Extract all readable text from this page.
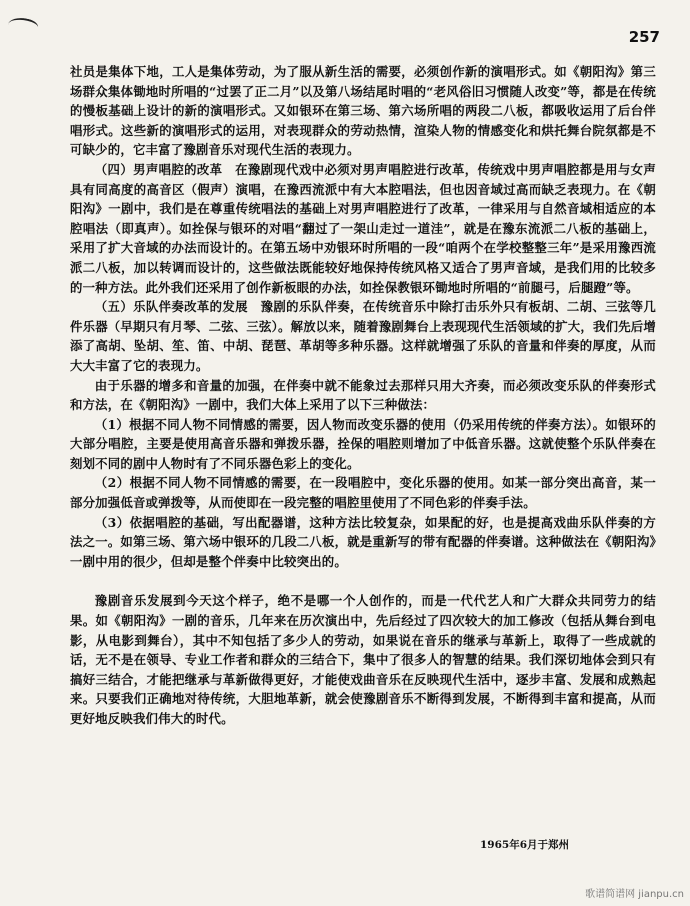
257

社员是集体下地，工人是集体劳动，为了服从新生活的需要，必须创作新的演唱形式。如《朝阳沟》第三场群众集体锄地时所唱的“过罢了正二月”以及第八场结尾时唱的“老风俗旧习惯随人改变”等，都是在传统的慢板基础上设计的新的演唱形式。又如银环在第三场、第六场所唱的两段二八板，都吸收运用了后台伴唱形式。这些新的演唱形式的运用，对表现群众的劳动热情，渲染人物的情感变化和烘托舞台院氛都是不可缺少的，它丰富了豫剧音乐对现代生活的表现力。

（四）男声唱腔的改革　在豫剧现代戏中必须对男声唱腔进行改革，传统戏中男声唱腔都是用与女声具有同高度的高音区（假声）演唱，在豫西流派中有大本腔唱法，但也因音域过高而缺乏表现力。在《朝阳沟》一剧中，我们是在尊重传统唱法的基础上对男声唱腔进行了改革，一律采用与自然音域相适应的本腔唱法（即真声）。如拴保与银环的对唱“翻过了一架山走过一道洼”，就是在豫东流派二八板的基础上，采用了扩大音域的办法而设计的。在第五场中劝银环时所唱的一段“咱两个在学校整整三年”是采用豫西流派二八板，加以转调而设计的，这些做法既能较好地保持传统风格又适合了男声音域，是我们用的比较多的一种方法。此外我们还采用了创作新板眼的办法，如拴保教银环锄地时所唱的“前腿弓，后腿蹬”等。

（五）乐队伴奏改革的发展　豫剧的乐队伴奏，在传统音乐中除打击乐外只有板胡、二胡、三弦等几件乐器（早期只有月琴、二弦、三弦）。解放以来，随着豫剧舞台上表现现代生活领域的扩大，我们先后增添了高胡、坠胡、笙、笛、中胡、琵琶、革胡等多种乐器。这样就增强了乐队的音量和伴奏的厚度，从而大大丰富了它的表现力。

由于乐器的增多和音量的加强，在伴奏中就不能象过去那样只用大齐奏，而必须改变乐队的伴奏形式和方法，在《朝阳沟》一剧中，我们大体上采用了以下三种做法：

（1）根据不同人物不同情感的需要，因人物而改变乐器的使用（仍采用传统的伴奏方法）。如银环的大部分唱腔，主要是使用高音乐器和弹拨乐器，拴保的唱腔则增加了中低音乐器。这就使整个乐队伴奏在刻划不同的剧中人物时有了不同乐器色彩上的变化。

（2）根据不同人物不同情感的需要，在一段唱腔中，变化乐器的使用。如某一部分突出高音，某一部分加强低音或弹拨等，从而使即在一段完整的唱腔里使用了不同色彩的伴奏手法。

（3）依据唱腔的基础，写出配器谱，这种方法比较复杂，如果配的好，也是提高戏曲乐队伴奏的方法之一。如第三场、第六场中银环的几段二八板，就是重新写的带有配器的伴奏谱。这种做法在《朝阳沟》一剧中用的很少，但却是整个伴奏中比较突出的。

豫剧音乐发展到今天这个样子，绝不是哪一个人创作的，而是一代代艺人和广大群众共同劳力的结果。如《朝阳沟》一剧的音乐，几年来在历次演出中，先后经过了四次较大的加工修改（包括从舞台到电影，从电影到舞台），其中不知包括了多少人的劳动，如果说在音乐的继承与革新上，取得了一些成就的话，无不是在领导、专业工作者和群众的三结合下，集中了很多人的智慧的结果。我们深切地体会到只有搞好三结合，才能把继承与革新做得更好，才能使戏曲音乐在反映现代生活中，逐步丰富、发展和成熟起来。只要我们正确地对待传统，大胆地革新，就会使豫剧音乐不断得到发展，不断得到丰富和提高，从而更好地反映我们伟大的时代。

1965年6月于郑州
歌谱简谱网 jianpu.cn
